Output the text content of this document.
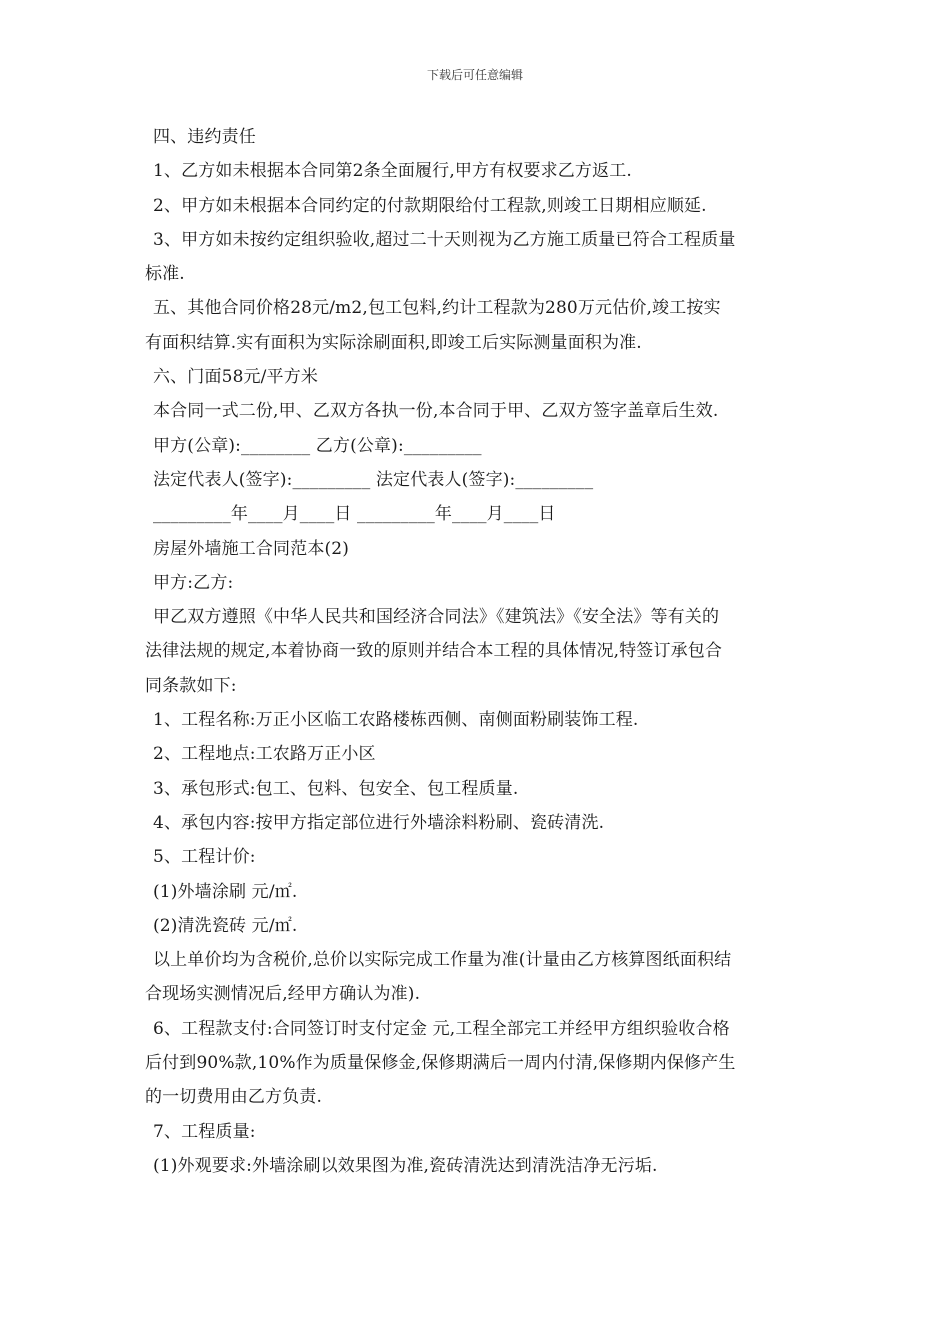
下载后可任意编辑
四、违约责任
1、乙方如未根据本合同第2条全面履行,甲方有权要求乙方返工.
2、甲方如未根据本合同约定的付款期限给付工程款,则竣工日期相应顺延.
3、甲方如未按约定组织验收,超过二十天则视为乙方施工质量已符合工程质量
标准.
五、其他合同价格28元/m2,包工包料,约计工程款为280万元估价,竣工按实
有面积结算.实有面积为实际涂刷面积,即竣工后实际测量面积为准.
六、门面58元/平方米
本合同一式二份,甲、乙双方各执一份,本合同于甲、乙双方签字盖章后生效.
甲方(公章):________ 乙方(公章):_________
法定代表人(签字):_________ 法定代表人(签字):_________
_________年____月____日 _________年____月____日
房屋外墙施工合同范本(2)
甲方:乙方:
甲乙双方遵照《中华人民共和国经济合同法》《建筑法》《安全法》等有关的
法律法规的规定,本着协商一致的原则并结合本工程的具体情况,特签订承包合
同条款如下:
1、工程名称:万正小区临工农路楼栋西侧、南侧面粉刷装饰工程.
2、工程地点:工农路万正小区
3、承包形式:包工、包料、包安全、包工程质量.
4、承包内容:按甲方指定部位进行外墙涂料粉刷、瓷砖清洗.
5、工程计价:
(1)外墙涂刷 元/㎡.
(2)清洗瓷砖 元/㎡.
以上单价均为含税价,总价以实际完成工作量为准(计量由乙方核算图纸面积结
合现场实测情况后,经甲方确认为准).
6、工程款支付:合同签订时支付定金 元,工程全部完工并经甲方组织验收合格
后付到90%款,10%作为质量保修金,保修期满后一周内付清,保修期内保修产生
的一切费用由乙方负责.
7、工程质量:
(1)外观要求:外墙涂刷以效果图为准,瓷砖清洗达到清洗洁净无污垢.
